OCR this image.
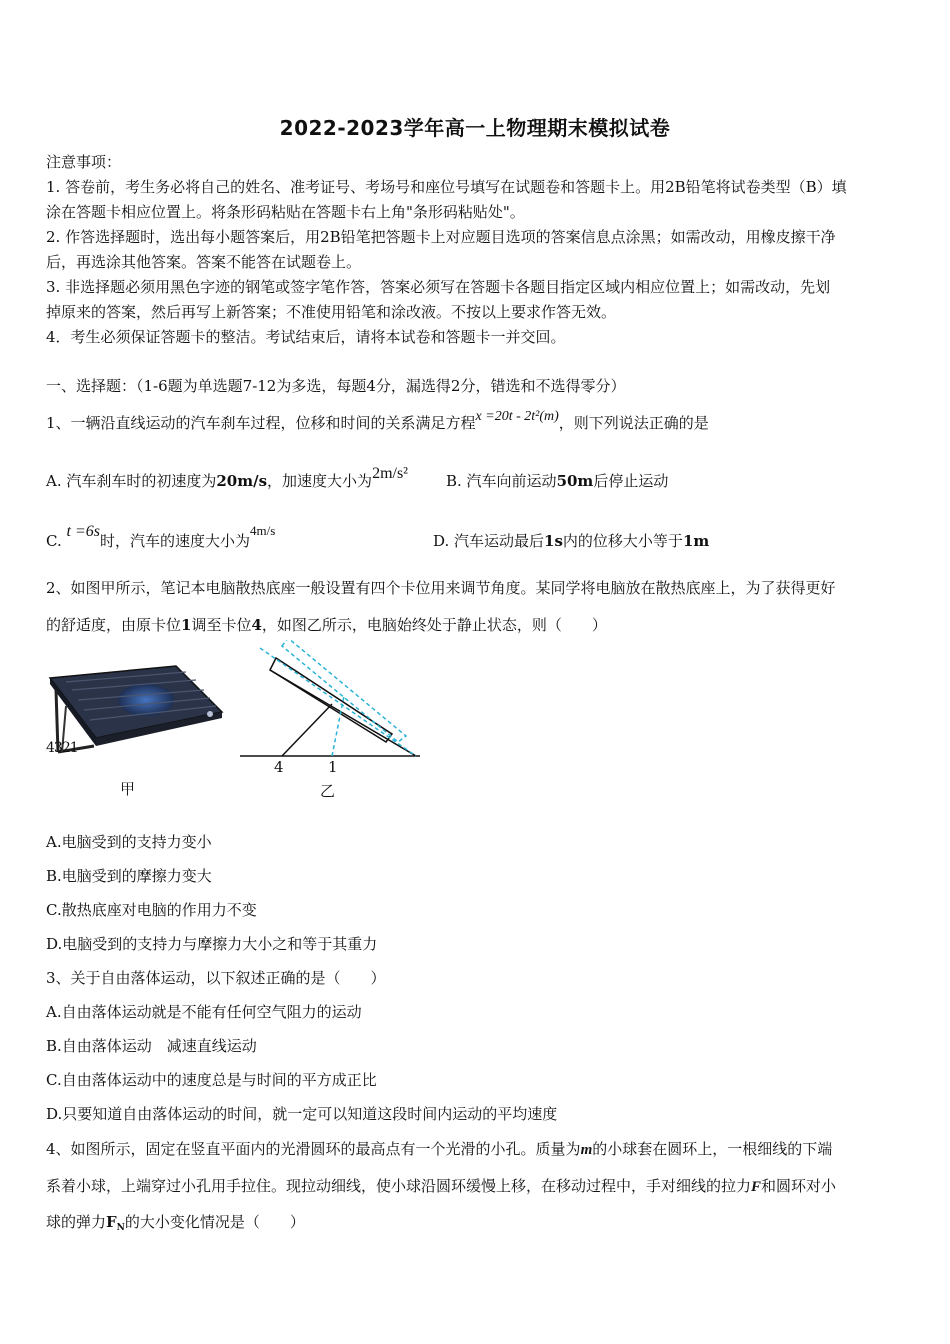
2022-2023学年高一上物理期末模拟试卷
注意事项：
1. 答卷前，考生务必将自己的姓名、准考证号、考场号和座位号填写在试题卷和答题卡上。用2B铅笔将试卷类型（B）填
涂在答题卡相应位置上。将条形码粘贴在答题卡右上角"条形码粘贴处"。
2. 作答选择题时，选出每小题答案后，用2B铅笔把答题卡上对应题目选项的答案信息点涂黑；如需改动，用橡皮擦干净
后，再选涂其他答案。答案不能答在试题卷上。
3. 非选择题必须用黑色字迹的钢笔或签字笔作答，答案必须写在答题卡各题目指定区域内相应位置上；如需改动，先划
掉原来的答案，然后再写上新答案；不准使用铅笔和涂改液。不按以上要求作答无效。
4．考生必须保证答题卡的整洁。考试结束后，请将本试卷和答题卡一并交回。
一、选择题：（1-6题为单选题7-12为多选，每题4分，漏选得2分，错选和不选得零分）
1、一辆沿直线运动的汽车刹车过程，位移和时间的关系满足方程x =20t - 2t²(m)，则下列说法正确的是
A. 汽车刹车时的初速度为20m/s，加速度大小为2m/s²	B. 汽车向前运动50m后停止运动
C. t =6s时，汽车的速度大小为4m/s
D. 汽车运动最后1s内的位移大小等于1m
2、如图甲所示，笔记本电脑散热底座一般设置有四个卡位用来调节角度。某同学将电脑放在散热底座上，为了获得更好
的舒适度，由原卡位1调至卡位4，如图乙所示，电脑始终处于静止状态，则（　　）
4321
甲
4	1
乙
A.电脑受到的支持力变小
B.电脑受到的摩擦力变大
C.散热底座对电脑的作用力不变
D.电脑受到的支持力与摩擦力大小之和等于其重力
3、关于自由落体运动，以下叙述正确的是（　　）
A.自由落体运动就是不能有任何空气阻力的运动
B.自由落体运动　减速直线运动
C.自由落体运动中的速度总是与时间的平方成正比
D.只要知道自由落体运动的时间，就一定可以知道这段时间内运动的平均速度
4、如图所示，固定在竖直平面内的光滑圆环的最高点有一个光滑的小孔。质量为m的小球套在圆环上，一根细线的下端
系着小球，上端穿过小孔用手拉住。现拉动细线，使小球沿圆环缓慢上移，在移动过程中，手对细线的拉力F和圆环对小
球的弹力$F_N$的大小变化情况是（　　）
